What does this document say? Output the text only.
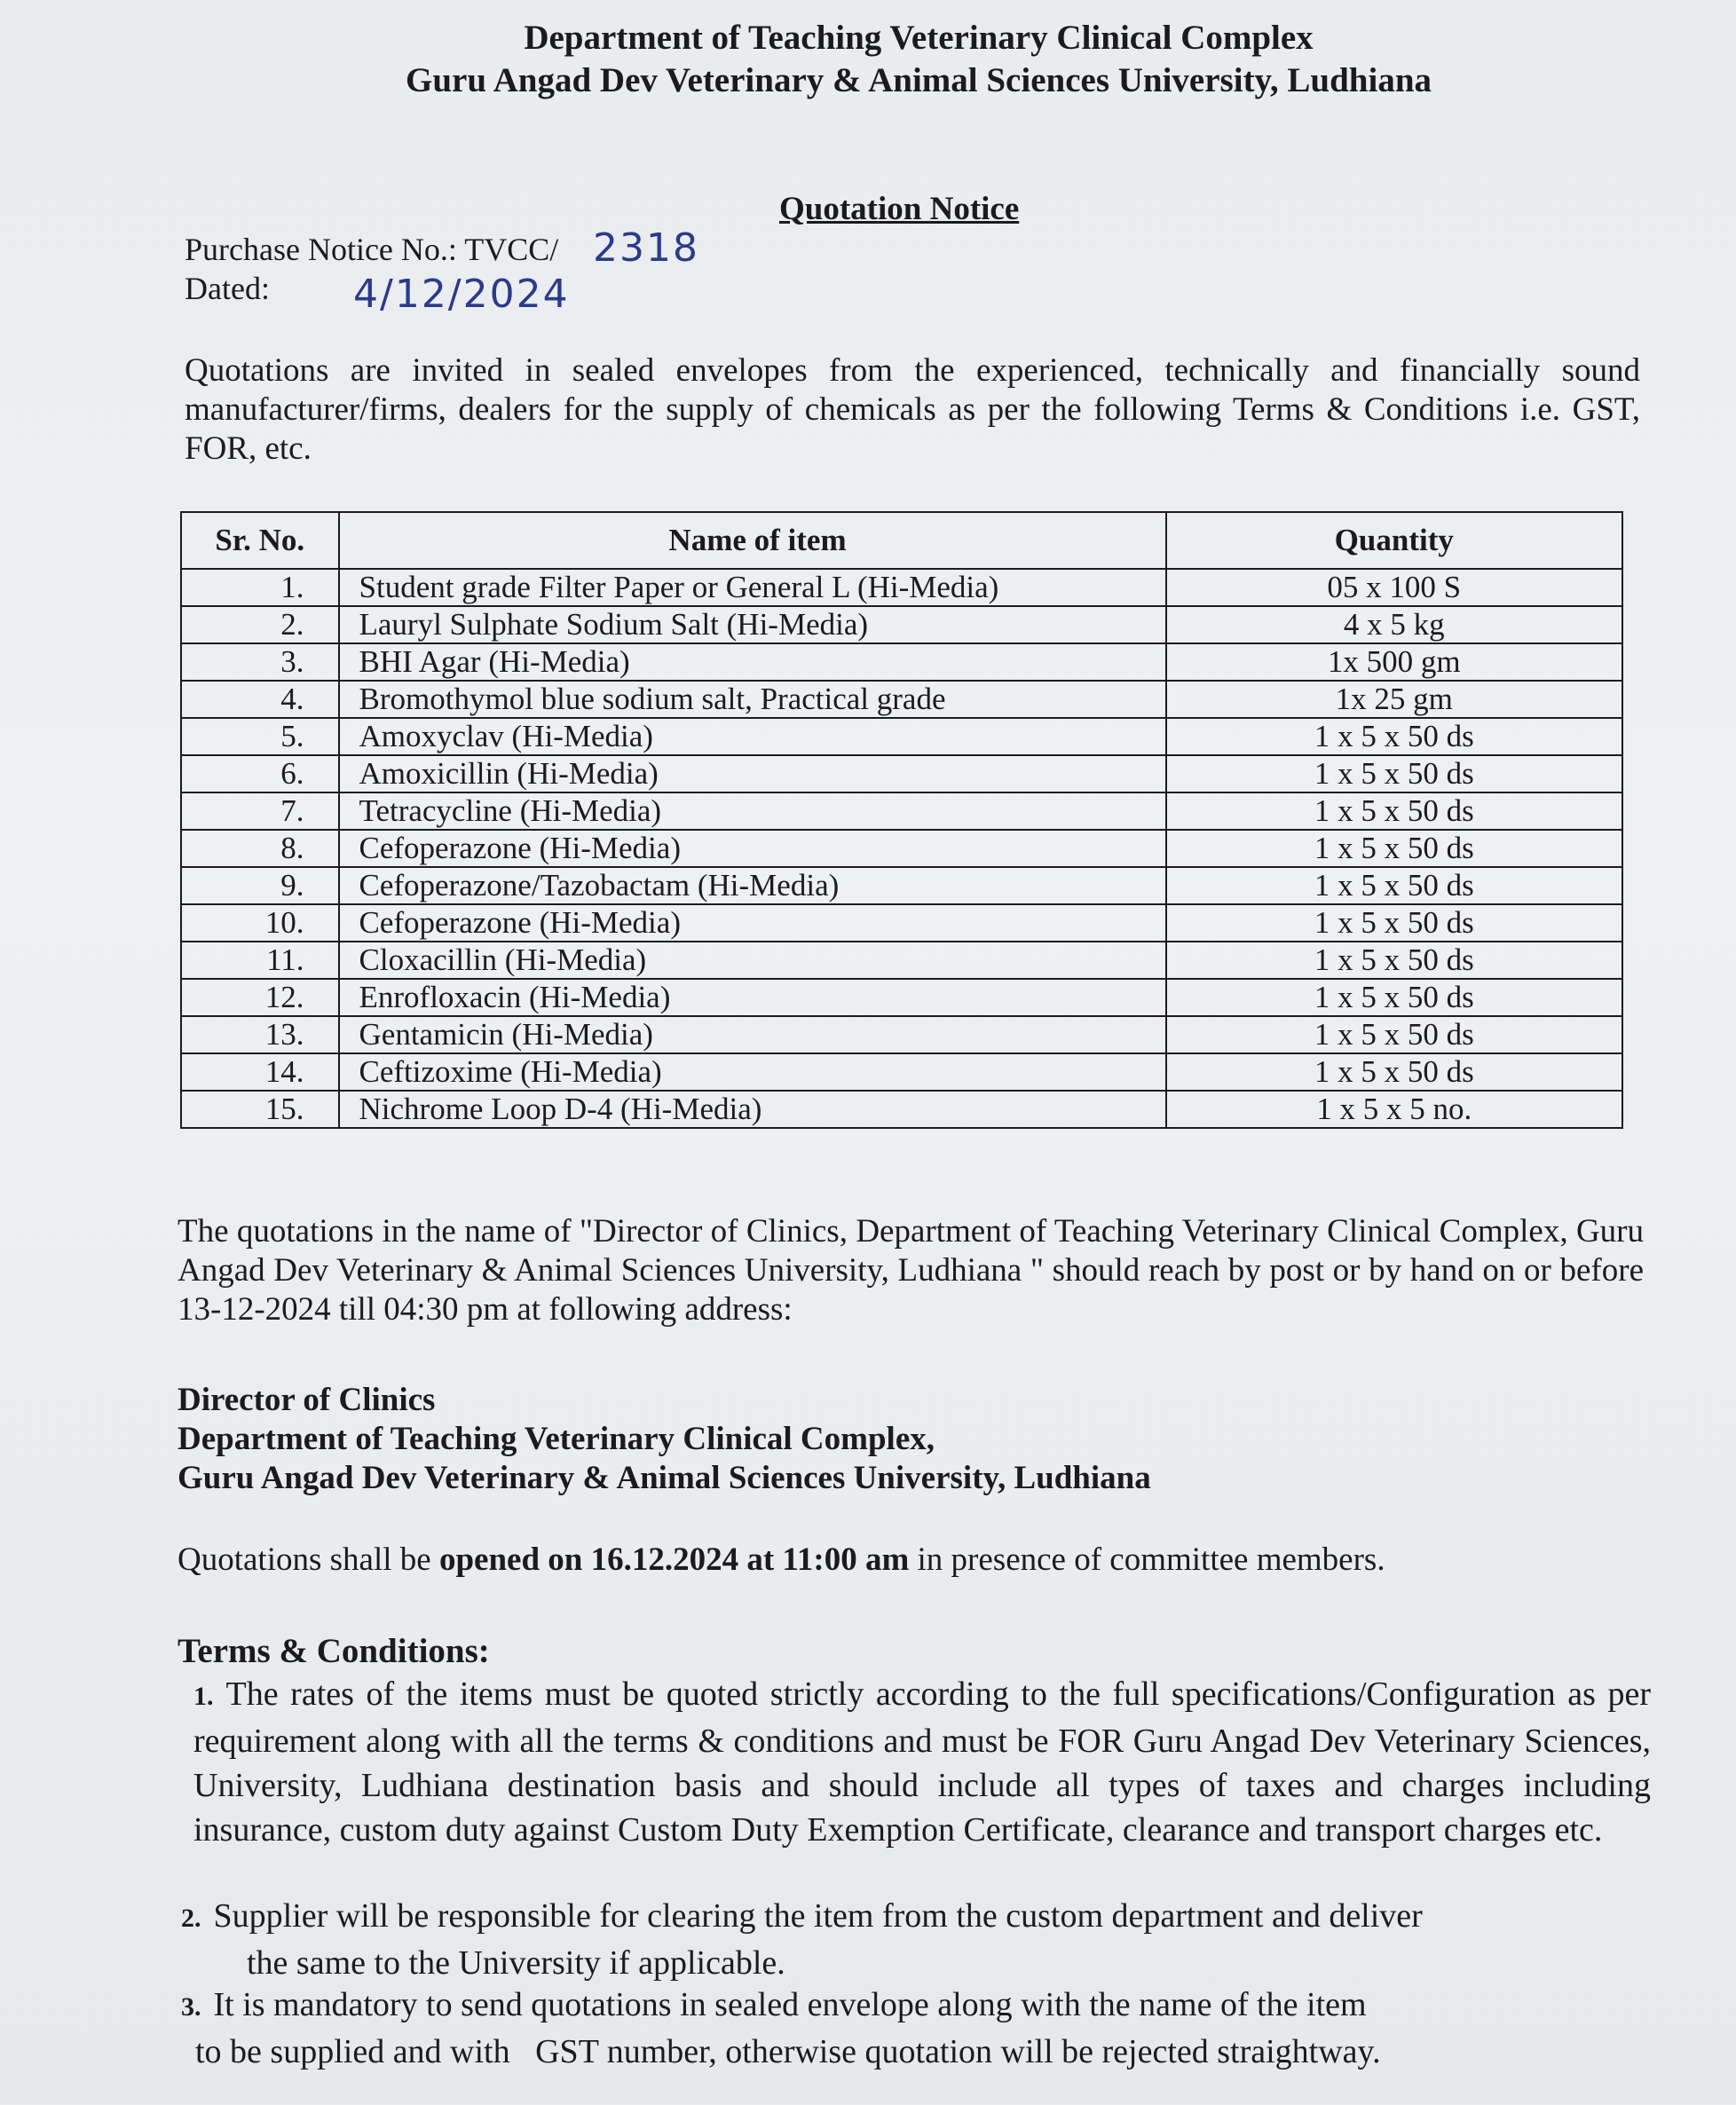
Department of Teaching Veterinary Clinical Complex
Guru Angad Dev Veterinary & Animal Sciences University, Ludhiana
Quotation Notice
Purchase Notice No.: TVCC/ 2318
Dated: 4/12/2024
Quotations are invited in sealed envelopes from the experienced, technically and financially sound manufacturer/firms, dealers for the supply of chemicals as per the following Terms & Conditions i.e. GST, FOR, etc.
Sr. No.	Name of item	Quantity
1.	Student grade Filter Paper or General L (Hi-Media)	05 x 100 S
2.	Lauryl Sulphate Sodium Salt (Hi-Media)	4 x 5 kg
3.	BHI Agar (Hi-Media)	1x 500 gm
4.	Bromothymol blue sodium salt, Practical grade	1x 25 gm
5.	Amoxyclav (Hi-Media)	1 x 5 x 50 ds
6.	Amoxicillin (Hi-Media)	1 x 5 x 50 ds
7.	Tetracycline (Hi-Media)	1 x 5 x 50 ds
8.	Cefoperazone (Hi-Media)	1 x 5 x 50 ds
9.	Cefoperazone/Tazobactam (Hi-Media)	1 x 5 x 50 ds
10.	Cefoperazone (Hi-Media)	1 x 5 x 50 ds
11.	Cloxacillin (Hi-Media)	1 x 5 x 50 ds
12.	Enrofloxacin (Hi-Media)	1 x 5 x 50 ds
13.	Gentamicin (Hi-Media)	1 x 5 x 50 ds
14.	Ceftizoxime (Hi-Media)	1 x 5 x 50 ds
15.	Nichrome Loop D-4 (Hi-Media)	1 x 5 x 5 no.
The quotations in the name of "Director of Clinics, Department of Teaching Veterinary Clinical Complex, Guru Angad Dev Veterinary & Animal Sciences University, Ludhiana " should reach by post or by hand on or before 13-12-2024 till 04:30 pm at following address:
Director of Clinics
Department of Teaching Veterinary Clinical Complex,
Guru Angad Dev Veterinary & Animal Sciences University, Ludhiana
Quotations shall be opened on 16.12.2024 at 11:00 am in presence of committee members.
Terms & Conditions:
1. The rates of the items must be quoted strictly according to the full specifications/Configuration as per requirement along with all the terms & conditions and must be FOR Guru Angad Dev Veterinary Sciences, University, Ludhiana destination basis and should include all types of taxes and charges including insurance, custom duty against Custom Duty Exemption Certificate, clearance and transport charges etc.
2. Supplier will be responsible for clearing the item from the custom department and deliver
the same to the University if applicable.
3. It is mandatory to send quotations in sealed envelope along with the name of the item
to be supplied and with   GST number, otherwise quotation will be rejected straightway.
